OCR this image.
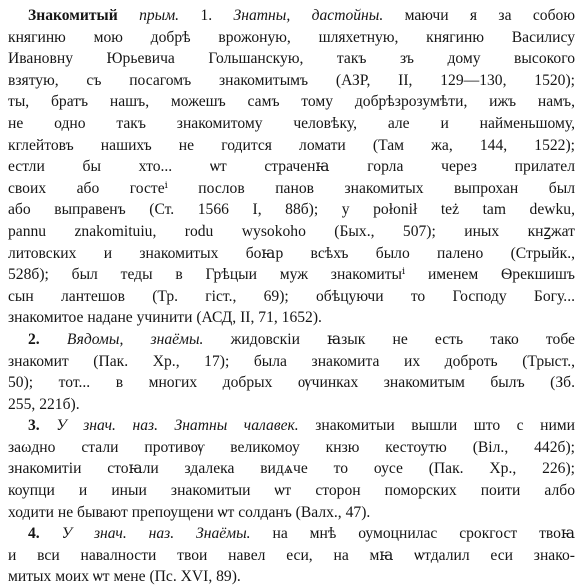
Знакомитый прым. 1. Знатны, дастойны. маючи я за собою
княгиню мою добрѣ врожоную, шляхетную, княгиню Василису
Ивановну Юрьевича Гольшанскую, такъ зъ дому высокого
взятую, съ посагомъ знакомитымъ (АЗР, II, 129—130, 1520);
ты, братъ нашъ, можешъ самъ тому добрѣзрозумѣти, ижъ намъ,
не одно такъ знакомитому человѣку, але и найменьшому,
кглейтовъ нашихъ не годится ломати (Там жа, 144, 1522);
естли бы хто... ѡт страченꙗ горла через прилател
своих або гостеⁱ послов панов знакомитых выпрохан был
або выправенъ (Ст. 1566 I, 88б); y połonił też tam dewku,
pannu znakomituiu, rodu wysokoho (Бых., 507); иных кнꙁжат
литовских и знакомитых боꙗр всѣхъ было палено (Стрыйк.,
528б); был теды в Грѣцыи муж знакомитыⁱ именем Ѳрекшишъ
сын лантешов (Тр. гіст., 69); обѣцуючи то Господу Богу...
знакомитое надане учинити (АСД, II, 71, 1652).
2. Вядомы, знаёмы. жидовскіи ꙗзык не есть тако тобе
знакомит (Пак. Хр., 17); была знакомита их доброть (Трыст.,
50); тот... в многих добрых ѹчинках знакомитым былъ (Зб.
255, 221б).
3. У знач. наз. Знатны чалавек. знакомитыи вышли што с ними
заωдно стали противѹ великомоу кнзю кестоутю (Віл., 442б);
знакомитіи стоꙗли здалека видѧче то оусе (Пак. Хр., 226);
коупци и иныи знакомитыи ѡт сторон поморских поити албо
ходити не бывают препоущени ѡт солданъ (Валх., 47).
4. У знач. наз. Знаёмы. на мнѣ оумоцнилас срокгост твоꙗ
и вси навалности твои навел еси, на мꙗ ѡтдалил еси знако-
митых моих ѡт мене (Пс. XVI, 89).
